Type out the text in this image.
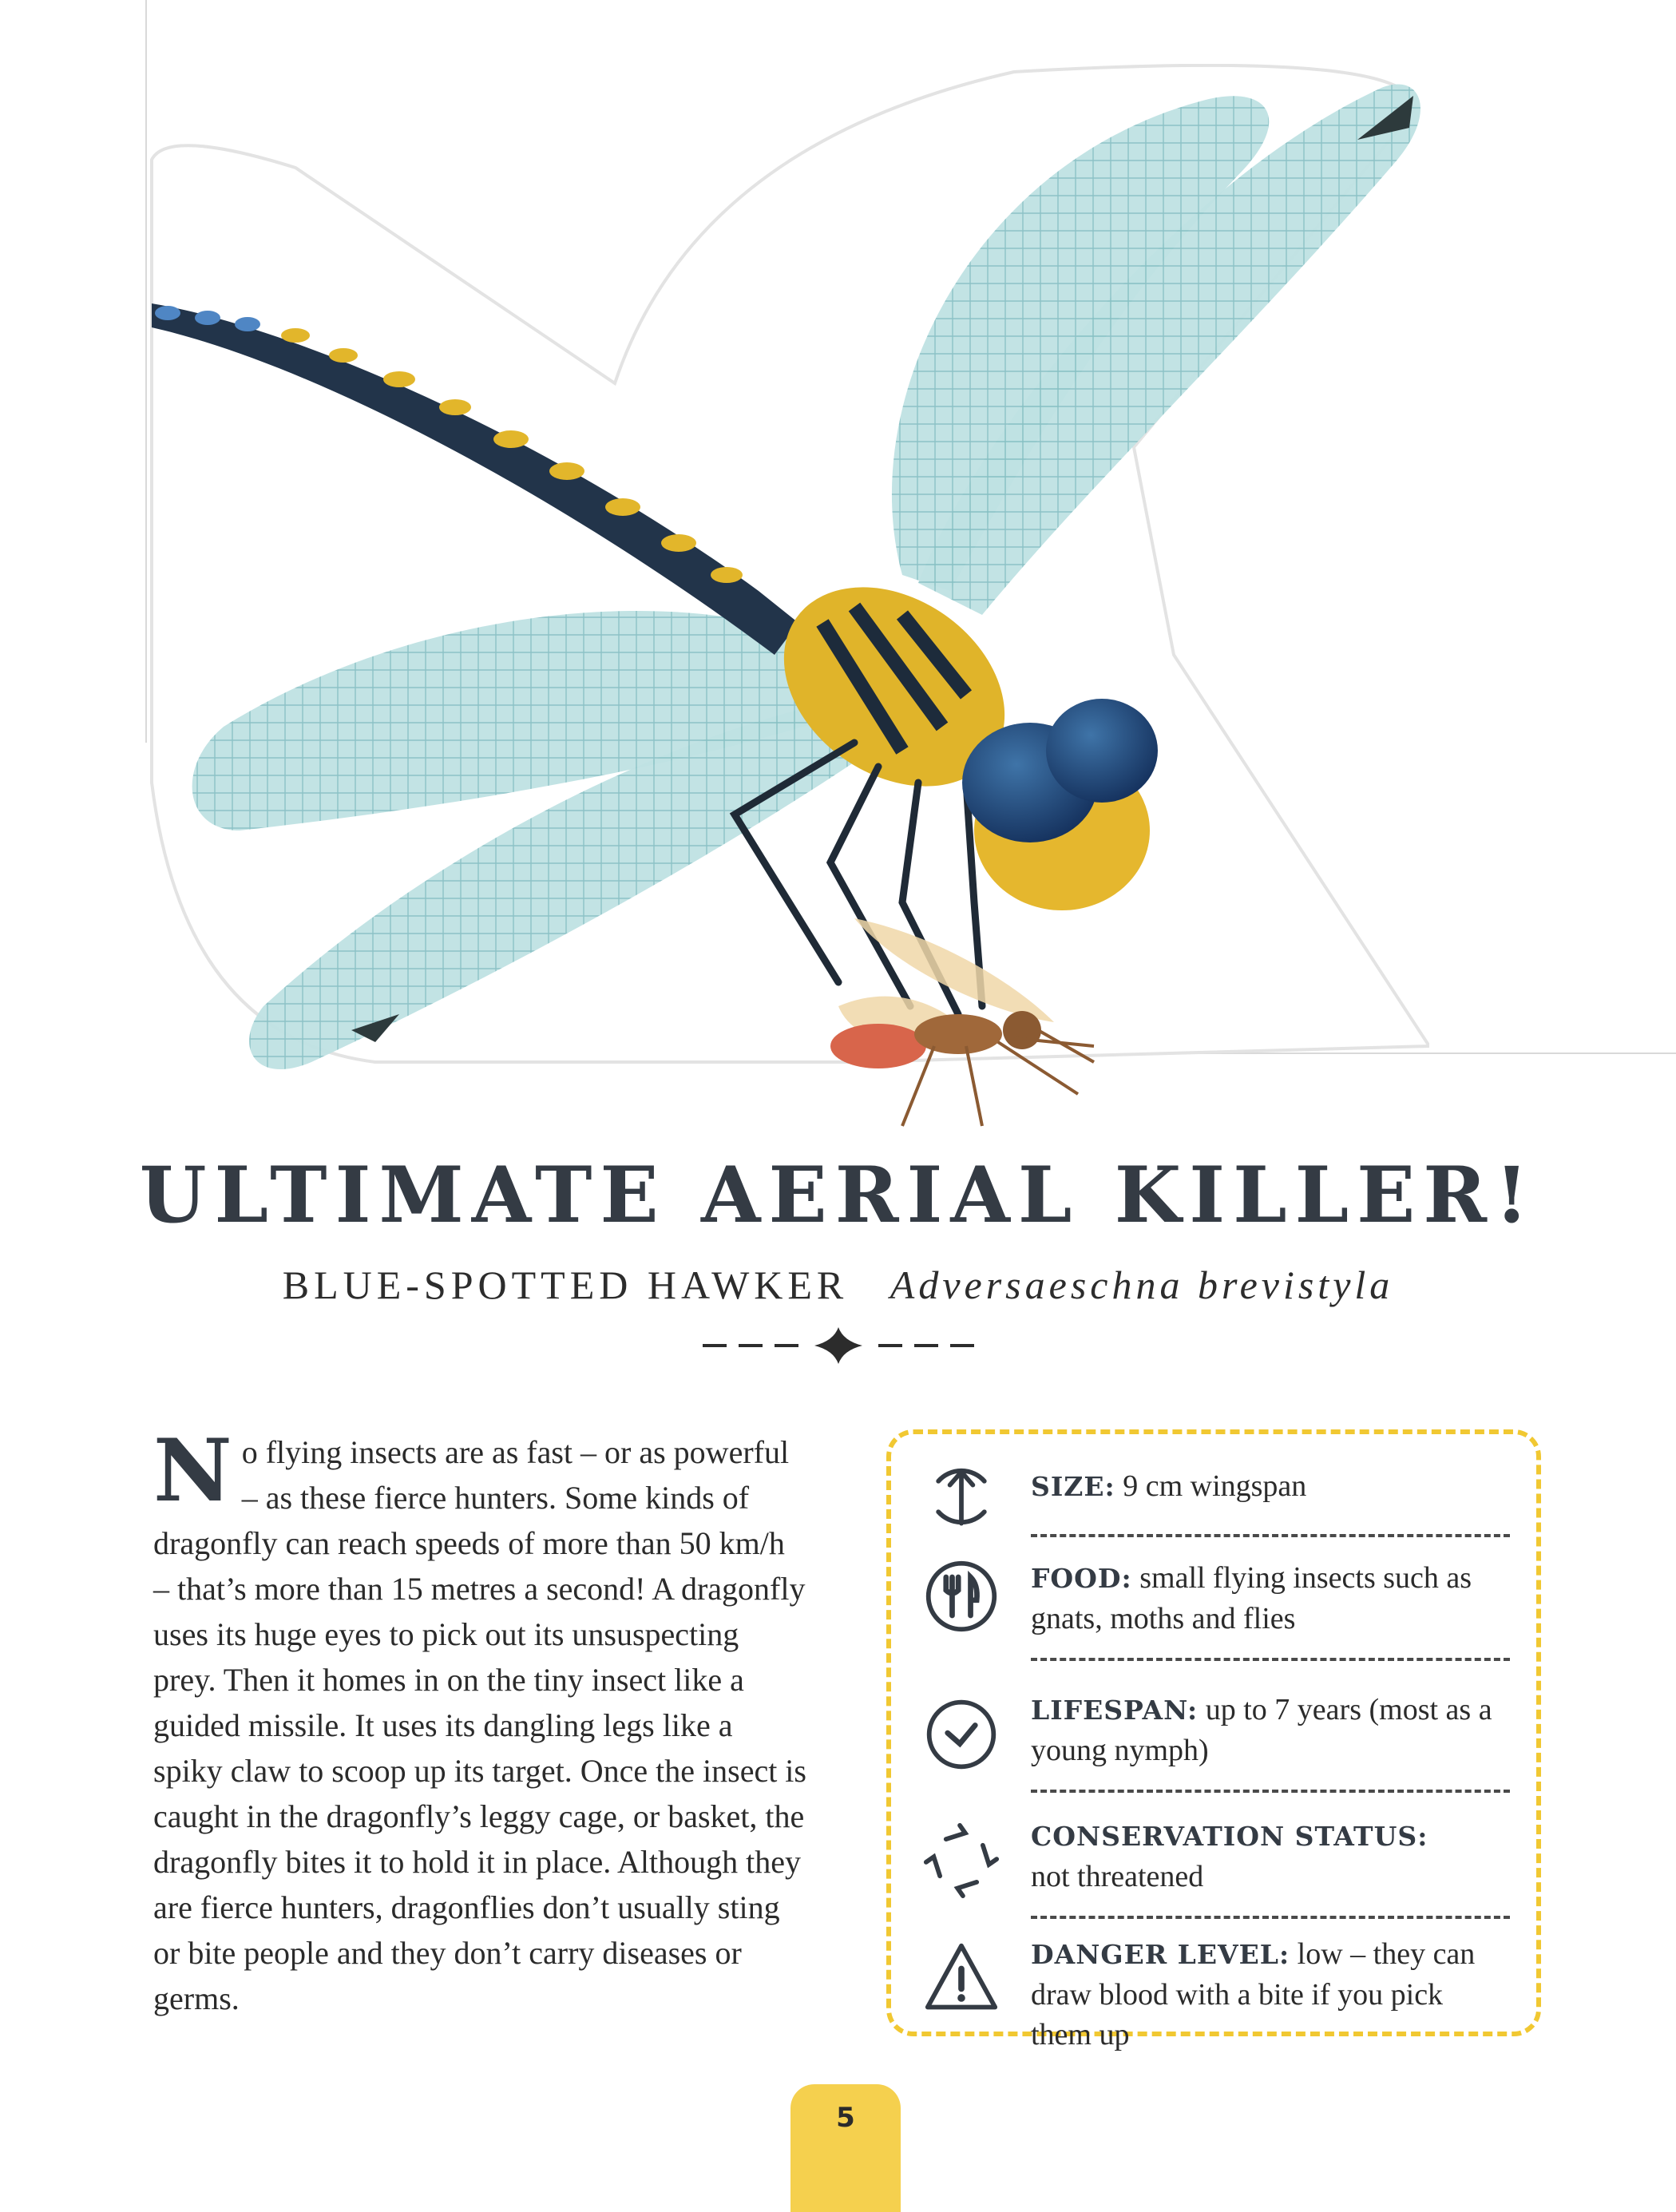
ULTIMATE AERIAL KILLER!
BLUE-SPOTTED HAWKER Adversaeschna brevistyla
No flying insects are as fast – or as powerful – as these fierce hunters. Some kinds of dragonfly can reach speeds of more than 50 km/h – that’s more than 15 metres a second! A dragonfly uses its huge eyes to pick out its unsuspecting prey. Then it homes in on the tiny insect like a guided missile. It uses its dangling legs like a spiky claw to scoop up its target. Once the insect is caught in the dragonfly’s leggy cage, or basket, the dragonfly bites it to hold it in place. Although they are fierce hunters, dragonflies don’t usually sting or bite people and they don’t carry diseases or germs.
SIZE: 9 cm wingspan
FOOD: small flying insects such as gnats, moths and flies
LIFESPAN: up to 7 years (most as a young nymph)
CONSERVATION STATUS:
not threatened
DANGER LEVEL: low – they can draw blood with a bite if you pick them up
5
